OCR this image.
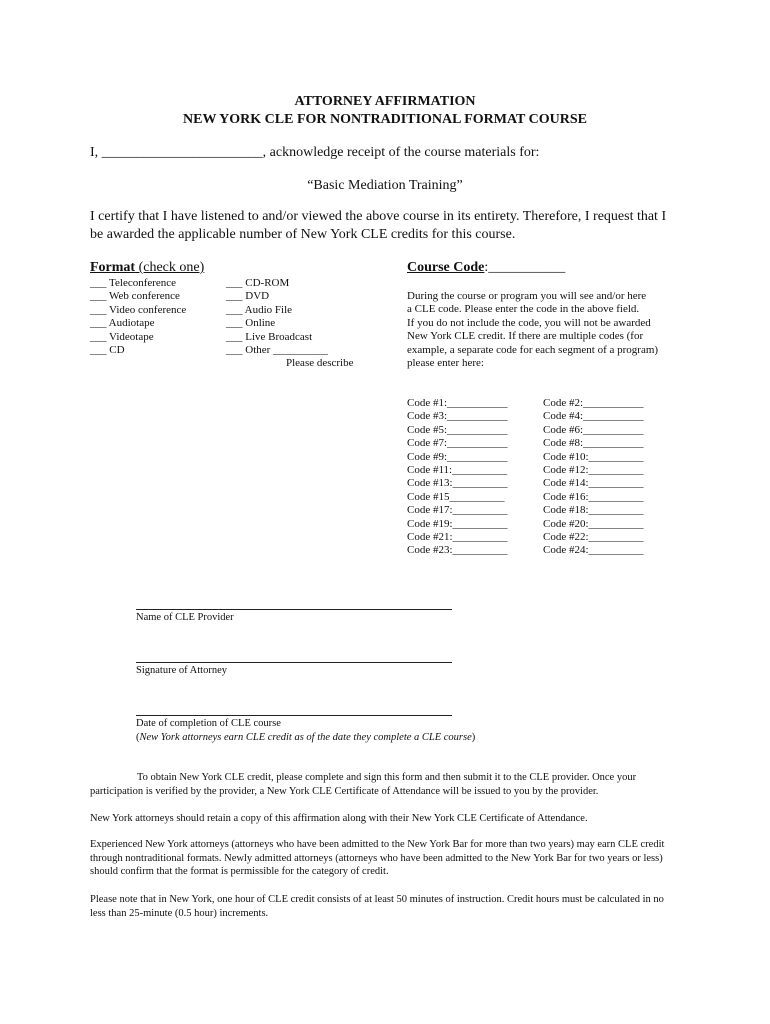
ATTORNEY AFFIRMATION
NEW YORK CLE FOR NONTRADITIONAL FORMAT COURSE
I, _______________________, acknowledge receipt of the course materials for:
“Basic Mediation Training”
I certify that I have listened to and/or viewed the above course in its entirety. Therefore, I request that I
be awarded the applicable number of New York CLE credits for this course.
Format (check one)
___ Teleconference
___ Web conference
___ Video conference
___ Audiotape
___ Videotape
___ CD
___ CD-ROM
___ DVD
___ Audio File
___ Online
___ Live Broadcast
___ Other __________
Please describe
Course Code:___________
During the course or program you will see and/or here
a CLE code. Please enter the code in the above field.
If you do not include the code, you will not be awarded
New York CLE credit. If there are multiple codes (for
example, a separate code for each segment of a program)
please enter here:
Code #1:___________
Code #3:___________
Code #5:___________
Code #7:___________
Code #9:___________
Code #11:__________
Code #13:__________
Code #15__________
Code #17:__________
Code #19:__________
Code #21:__________
Code #23:__________
Code #2:___________
Code #4:___________
Code #6:___________
Code #8:___________
Code #10:__________
Code #12:__________
Code #14:__________
Code #16:__________
Code #18:__________
Code #20:__________
Code #22:__________
Code #24:__________
Name of CLE Provider
Signature of Attorney
Date of completion of CLE course
(New York attorneys earn CLE credit as of the date they complete a CLE course)
To obtain New York CLE credit, please complete and sign this form and then submit it to the CLE provider. Once your participation is verified by the provider, a New York CLE Certificate of Attendance will be issued to you by the provider.
New York attorneys should retain a copy of this affirmation along with their New York CLE Certificate of Attendance.
Experienced New York attorneys (attorneys who have been admitted to the New York Bar for more than two years) may earn CLE credit through nontraditional formats. Newly admitted attorneys (attorneys who have been admitted to the New York Bar for two years or less) should confirm that the format is permissible for the category of credit.
Please note that in New York, one hour of CLE credit consists of at least 50 minutes of instruction. Credit hours must be calculated in no less than 25-minute (0.5 hour) increments.
